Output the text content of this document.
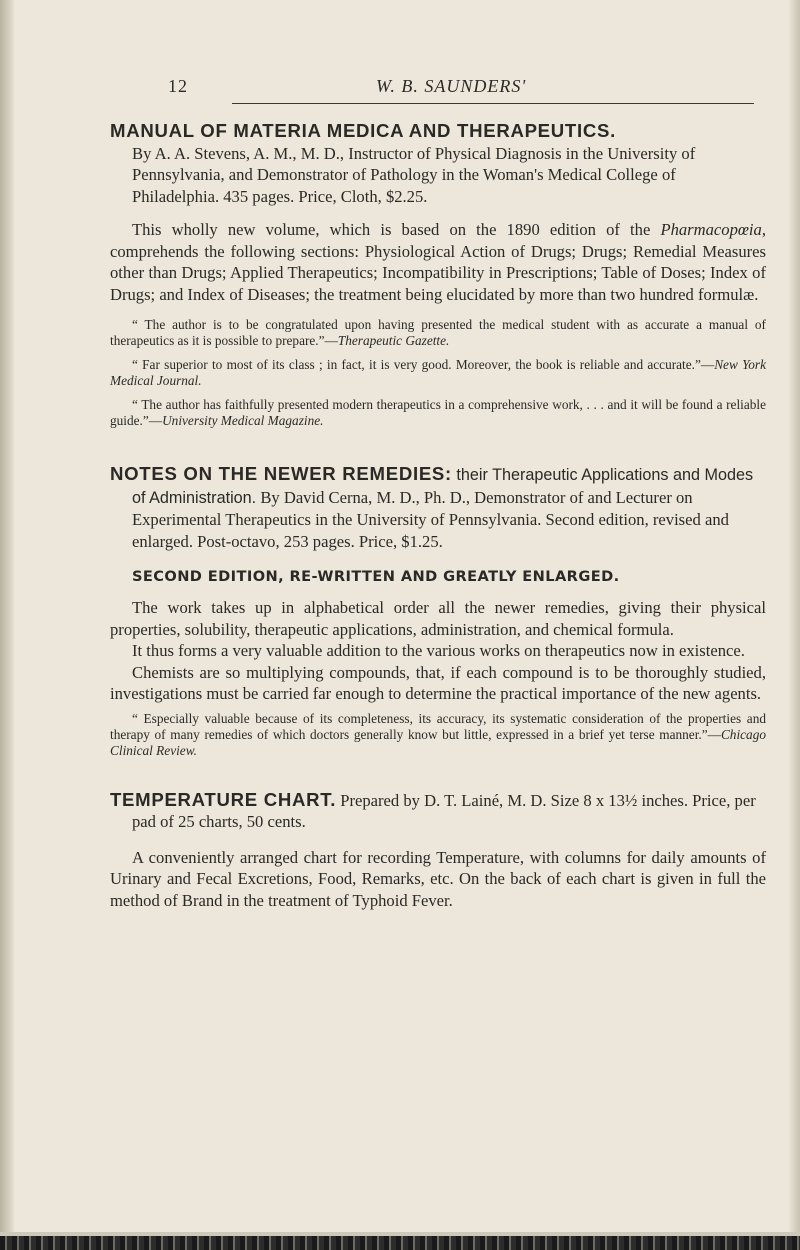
12	W. B. SAUNDERS'

MANUAL OF MATERIA MEDICA AND THERAPEUTICS.
By A. A. Stevens, A. M., M. D., Instructor of Physical Diagnosis in the University of Pennsylvania, and Demonstrator of Pathology in the Woman's Medical College of Philadelphia. 435 pages. Price, Cloth, $2.25.

This wholly new volume, which is based on the 1890 edition of the Pharmacopœia, comprehends the following sections: Physiological Action of Drugs; Drugs; Remedial Measures other than Drugs; Applied Therapeutics; Incompatibility in Prescriptions; Table of Doses; Index of Drugs; and Index of Diseases; the treatment being elucidated by more than two hundred formulæ.

“ The author is to be congratulated upon having presented the medical student with as accurate a manual of therapeutics as it is possible to prepare.”—Therapeutic Gazette.

“ Far superior to most of its class ; in fact, it is very good. Moreover, the book is reliable and accurate.”—New York Medical Journal.

“ The author has faithfully presented modern therapeutics in a comprehensive work, . . . and it will be found a reliable guide.”—University Medical Magazine.

NOTES ON THE NEWER REMEDIES: their Therapeutic Applications and Modes of Administration. By David Cerna, M. D., Ph. D., Demonstrator of and Lecturer on Experimental Therapeutics in the University of Pennsylvania. Second edition, revised and enlarged. Post-octavo, 253 pages. Price, $1.25.

SECOND EDITION, RE-WRITTEN AND GREATLY ENLARGED.

The work takes up in alphabetical order all the newer remedies, giving their physical properties, solubility, therapeutic applications, administration, and chemical formula.

It thus forms a very valuable addition to the various works on therapeutics now in existence.

Chemists are so multiplying compounds, that, if each compound is to be thoroughly studied, investigations must be carried far enough to determine the practical importance of the new agents.

“ Especially valuable because of its completeness, its accuracy, its systematic consideration of the properties and therapy of many remedies of which doctors generally know but little, expressed in a brief yet terse manner.”—Chicago Clinical Review.

TEMPERATURE CHART. Prepared by D. T. Lainé, M. D. Size 8 x 13½ inches. Price, per pad of 25 charts, 50 cents.

A conveniently arranged chart for recording Temperature, with columns for daily amounts of Urinary and Fecal Excretions, Food, Remarks, etc. On the back of each chart is given in full the method of Brand in the treatment of Typhoid Fever.
